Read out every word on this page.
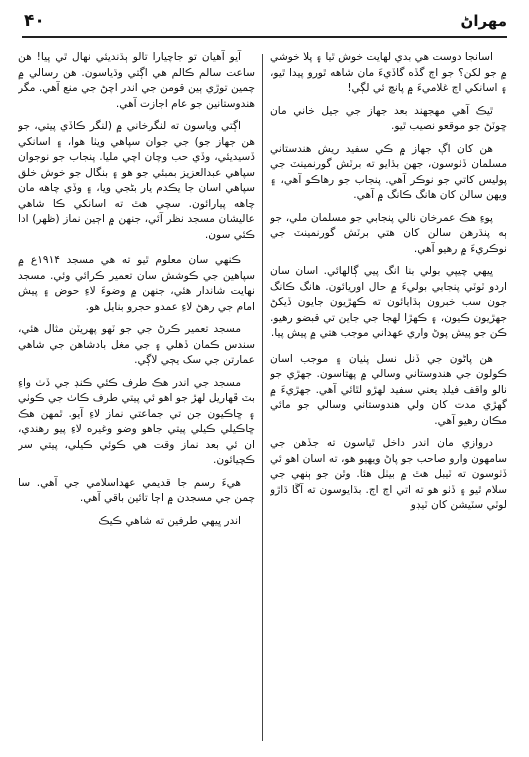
۴۰	مهراڻ

اسانجا دوست هي بدي لهايت خوش ٿيا ۽ پلا خوشي ۾ جو لکن؟ جو اڄ گڏه گاڏيءَ مان شاهه ٿورو پيدا ٿيو، ۽ اسانکي اڄ غلاميءَ ۾ پانچ ئي لڳي!

ٿيڪ آهي مهجهند بعد جهاز جي جيل خاني مان ڇوٽڻ جو موقعو نصيب ٿيو.

هن کان اڳ جهاز ۾ ڪي سفيد ريش هندستاني مسلمان ڏٺوسون، جهن بڌايو ته برٽش گورنمينٽ جي پوليس کاتي جو نوڪر آهي. پنجاب جو رهاڪو آهي، ۽ ويهن سالن کان هانگ ڪانگ ۾ آهي.

پوءِ هڪ عمرخان نالي پنجابي جو مسلمان ملي، جو ٻه پنڌرهن سالن کان هتي برٽش گورنمينٽ جي نوڪريءَ ۾ رهيو آهي.

ڀيهي چيپي بولي بنا انگ پيي ڳالهائي. اسان سان اردو ٽوٽي پنجابي بوليءَ ۾ حال اوريائون. هانگ ڪانگ جون سب خبرون ٻڌايائون ته ڪهڙيون جايون ڏيکڻ جهڙيون ڪيون، ۽ ڪهڙا لهجا جي جاين تي قبضو رهيو. ڪن جو پيش پوڻ واري عهداني موجب هتي ۾ پيش پيا.

هن پاڻون جي ڏنل نسل پٺيان ۽ موجب اسان ڪولون جي هندوستاني وسالي ۾ پهتاسون. جهڙي جو نالو واقف فيلڊ يعني سفيد لهڙو لٿائي آهي. جهڙيءَ ۾ گهڙي مدت کان ولي هندوستاني وسالي جو مائي مڪان رهيو آهي.

دروازي مان اندر داخل ٿياسون ته جڏهن جي سامهون وارو صاحب جو پاڻ ويهيو هو، ته اسان اهو ئي ڏٺوسون ته ٽيبل هٿ ۾ بيٺل هئا. وٿن جو ٻنهي جي سلام ٿيو ۽ ڏٺو هو ته اتي اڄ اڄ. بڌايوسون ته آڱا ڌاڙو لوٽي سٽيشن کان ٽيڊو

آيو آهيان تو جاچيارا تالو ٻڌنديئي نهال ٿي پيا! هن ساعت سالم ڪالم هي اڳتي وڌياسون. هن رسالي ۾ چمين توڙي ٻين قومن جي اندر اچڻ جي منع آهي. مگر هندوستانين جو عام اجازت آهي.

اڳتي وياسون ته لنگرخاني ۾ (لنگر ڪاڏي پيتي، جو هن جهاز جو) جي جوان سپاهي ويٺا هوا، ۽ اسانکي ڏسيديئي، وڏي حب وچان اچي مليا. پنجاب جو نوجوان سپاهي عبدالعزيز بمبئي جو هو ۽ بنگال جو خوش خلق سپاهي اسان جا يڪدم يار بڻجي ويا، ۽ وڏي چاهه مان چاهه پيارائون. سچي هٿ ته اسانکي ڪا شاهي عاليشان مسجد نظر آئي، جنهن ۾ اڄين نماز (ظهر) ادا ڪئي سون.

ڪنهي سان معلوم ٿيو ته هي مسجد ۱۹۱۴ع ۾ سپاهين جي ڪوشش سان تعمير ڪرائي وئي. مسجد نهايت شاندار هئي، جنهن ۾ وضوءَ لاءِ حوض ۽ پيش امام جي رهڻ لاءِ عمدو حجرو بنايل هو.

مسجد تعمير ڪرڻ جي جو ٽهو پهريٽن مثال هئي، سندس ڪمان ڏهلي ۽ جي مغل بادشاهن جي شاهي عمارتن جي سک يڄي لاڳي.

مسجد جي اندر هڪ طرف ڪئي ڪنڊ جي ڏٺ واءِ بٽ ڦهاريل لهڙ جو اهو ئي پيتي طرف ڪاٺ جي ڪوٺي ۽ ڇاڪيون جن تي جماعتي نماز لاءِ آيو. ٿمهن هڪ ڇاڪيلي ڪيلي پيتي جاهو وضو وغيره لاءِ پيو رهندي، ان ئي بعد نماز وقت هي ڪوئي ڪيلي، پيتي سر ڪچيائون.

هيءَ رسم جا قديمي عهداسلامي جي آهي. سا چمن جي مسجدن ۾ اڄا تائين باقي آهي.

اندر ڀيهي طرفين ته شاهي ڪيڪ
